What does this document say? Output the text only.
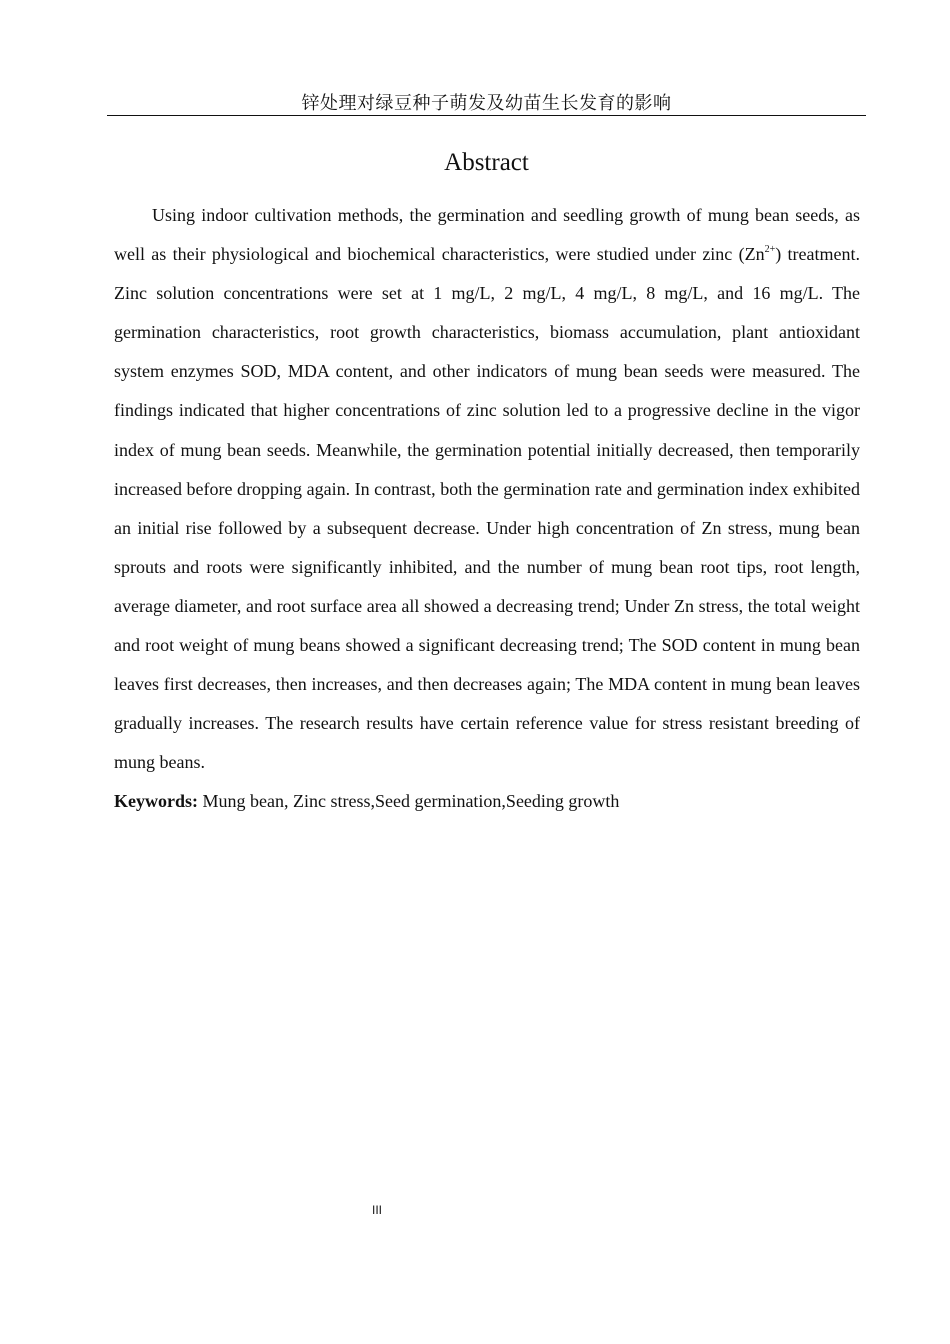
锌处理对绿豆种子萌发及幼苗生长发育的影响
Abstract

Using indoor cultivation methods, the germination and seedling growth of mung bean seeds, as well as their physiological and biochemical characteristics, were studied under zinc $(Zn^{2+})$ treatment. Zinc solution concentrations were set at 1 mg/L, 2 mg/L, 4 mg/L, 8 mg/L, and 16 mg/L. The germination characteristics, root growth characteristics, biomass accumulation, plant antioxidant system enzymes SOD, MDA content, and other indicators of mung bean seeds were measured. The findings indicated that higher concentrations of zinc solution led to a progressive decline in the vigor index of mung bean seeds. Meanwhile, the germination potential initially decreased, then temporarily increased before dropping again. In contrast, both the germination rate and germination index exhibited an initial rise followed by a subsequent decrease. Under high concentration of Zn stress, mung bean sprouts and roots were significantly inhibited, and the number of mung bean root tips, root length, average diameter, and root surface area all showed a decreasing trend; Under Zn stress, the total weight and root weight of mung beans showed a significant decreasing trend; The SOD content in mung bean leaves first decreases, then increases, and then decreases again; The MDA content in mung bean leaves gradually increases. The research results have certain reference value for stress resistant breeding of mung beans.

Keywords: Mung bean, Zinc stress,Seed germination,Seeding growth
III
